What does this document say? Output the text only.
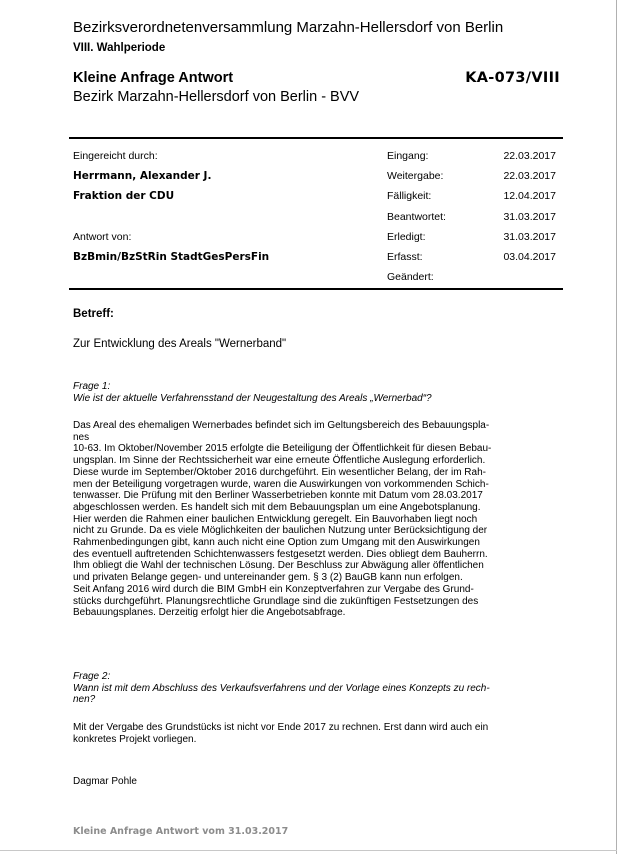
Bezirksverordnetenversammlung Marzahn-Hellersdorf von Berlin
VIII. Wahlperiode
Kleine Anfrage Antwort
Bezirk Marzahn-Hellersdorf von Berlin - BVV
KA-073/VIII
Eingereicht durch:
Herrmann, Alexander J.
Fraktion der CDU
Antwort von:
BzBmin/BzStRin StadtGesPersFin
Eingang:	22.03.2017
Weitergabe:	22.03.2017
Fälligkeit:	12.04.2017
Beantwortet:	31.03.2017
Erledigt:	31.03.2017
Erfasst:	03.04.2017
Geändert:
Betreff:
Zur Entwicklung des Areals "Wernerband"
Frage 1:
Wie ist der aktuelle Verfahrensstand der Neugestaltung des Areals „Wernerbad“?
Das Areal des ehemaligen Wernerbades befindet sich im Geltungsbereich des Bebauungspla-
nes
10-63. Im Oktober/November 2015 erfolgte die Beteiligung der Öffentlichkeit für diesen Bebau-
ungsplan. Im Sinne der Rechtssicherheit war eine erneute Öffentliche Auslegung erforderlich.
Diese wurde im September/Oktober 2016 durchgeführt. Ein wesentlicher Belang, der im Rah-
men der Beteiligung vorgetragen wurde, waren die Auswirkungen von vorkommenden Schich-
tenwasser. Die Prüfung mit den Berliner Wasserbetrieben konnte mit Datum vom 28.03.2017
abgeschlossen werden. Es handelt sich mit dem Bebauungsplan um eine Angebotsplanung.
Hier werden die Rahmen einer baulichen Entwicklung geregelt. Ein Bauvorhaben liegt noch
nicht zu Grunde. Da es viele Möglichkeiten der baulichen Nutzung unter Berücksichtigung der
Rahmenbedingungen gibt, kann auch nicht eine Option zum Umgang mit den Auswirkungen
des eventuell auftretenden Schichtenwassers festgesetzt werden. Dies obliegt dem Bauherrn.
Ihm obliegt die Wahl der technischen Lösung. Der Beschluss zur Abwägung aller öffentlichen
und privaten Belange gegen- und untereinander gem. § 3 (2) BauGB kann nun erfolgen.
Seit Anfang 2016 wird durch die BIM GmbH ein Konzeptverfahren zur Vergabe des Grund-
stücks durchgeführt. Planungsrechtliche Grundlage sind die zukünftigen Festsetzungen des
Bebauungsplanes. Derzeitig erfolgt hier die Angebotsabfrage.
Frage 2:
Wann ist mit dem Abschluss des Verkaufsverfahrens und der Vorlage eines Konzepts zu rech-
nen?
Mit der Vergabe des Grundstücks ist nicht vor Ende 2017 zu rechnen. Erst dann wird auch ein
konkretes Projekt vorliegen.
Dagmar Pohle
Kleine Anfrage Antwort vom 31.03.2017
